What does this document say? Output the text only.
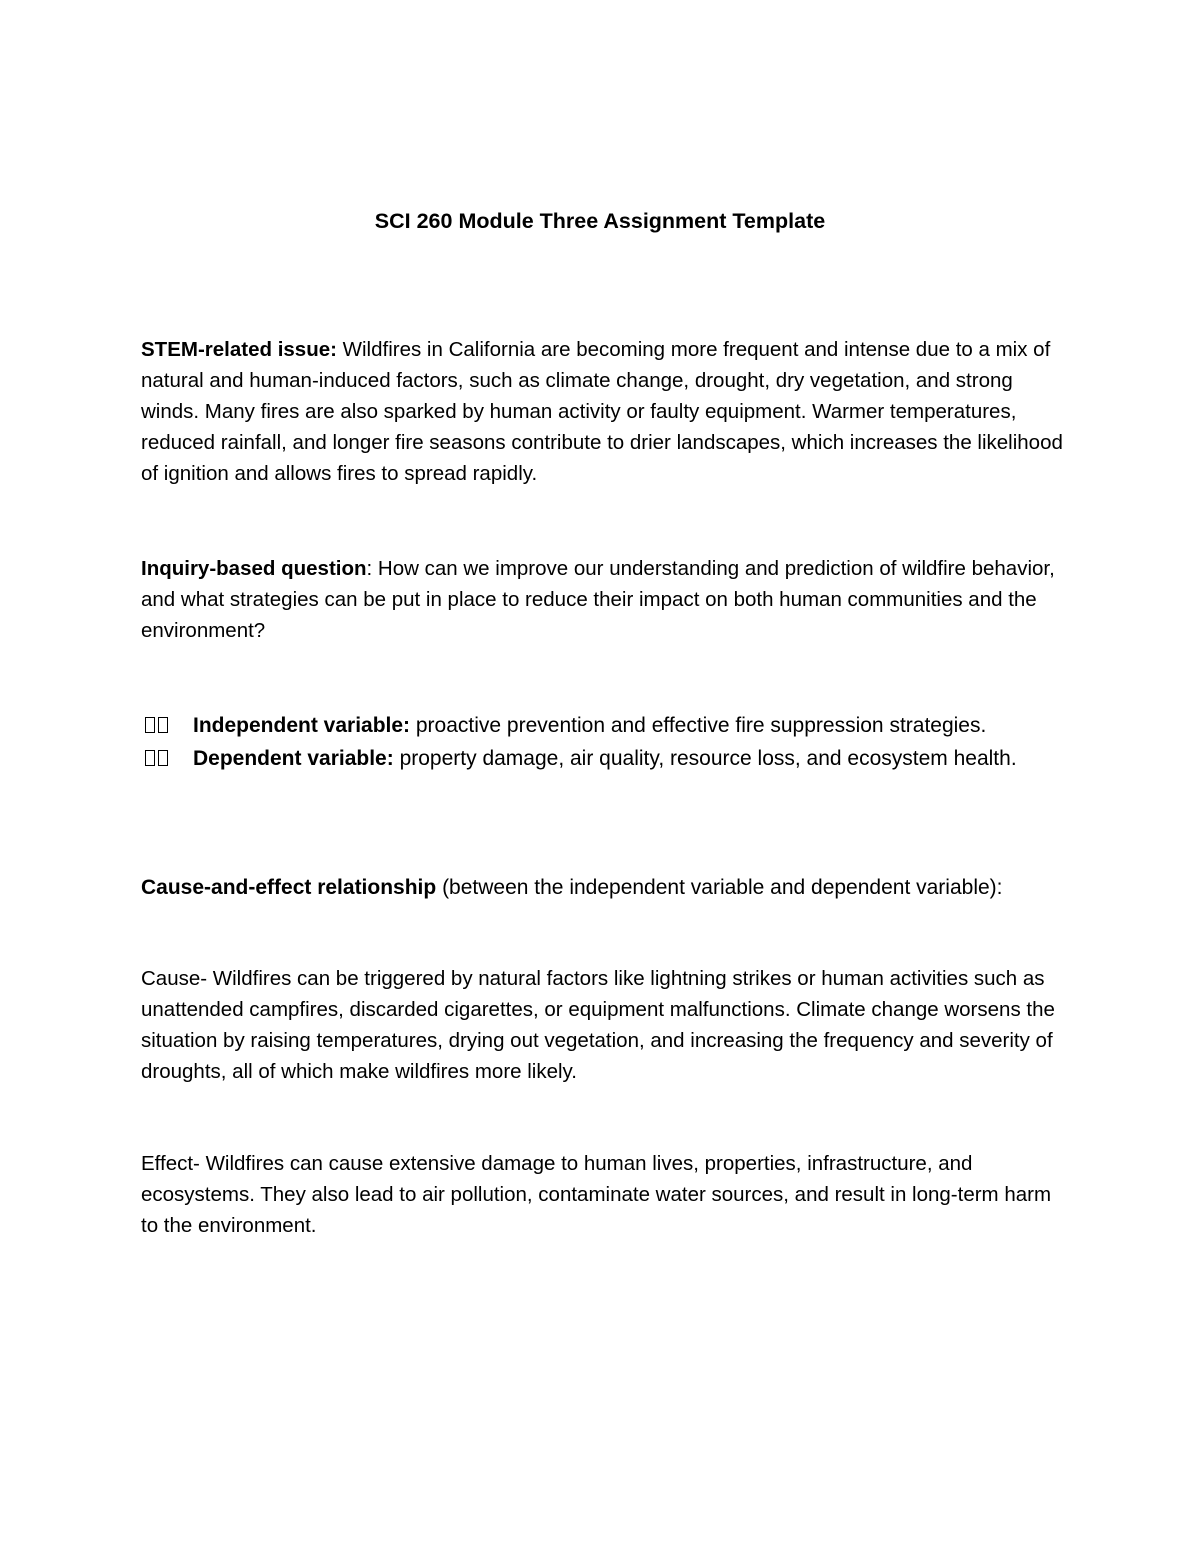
SCI 260 Module Three Assignment Template
STEM-related issue: Wildfires in California are becoming more frequent and intense due to a mix of natural and human-induced factors, such as climate change, drought, dry vegetation, and strong winds. Many fires are also sparked by human activity or faulty equipment. Warmer temperatures, reduced rainfall, and longer fire seasons contribute to drier landscapes, which increases the likelihood of ignition and allows fires to spread rapidly.
Inquiry-based question: How can we improve our understanding and prediction of wildfire behavior, and what strategies can be put in place to reduce their impact on both human communities and the environment?
Independent variable: proactive prevention and effective fire suppression strategies.
Dependent variable: property damage, air quality, resource loss, and ecosystem health.
Cause-and-effect relationship (between the independent variable and dependent variable):
Cause- Wildfires can be triggered by natural factors like lightning strikes or human activities such as unattended campfires, discarded cigarettes, or equipment malfunctions. Climate change worsens the situation by raising temperatures, drying out vegetation, and increasing the frequency and severity of droughts, all of which make wildfires more likely.
Effect- Wildfires can cause extensive damage to human lives, properties, infrastructure, and ecosystems. They also lead to air pollution, contaminate water sources, and result in long-term harm to the environment.
